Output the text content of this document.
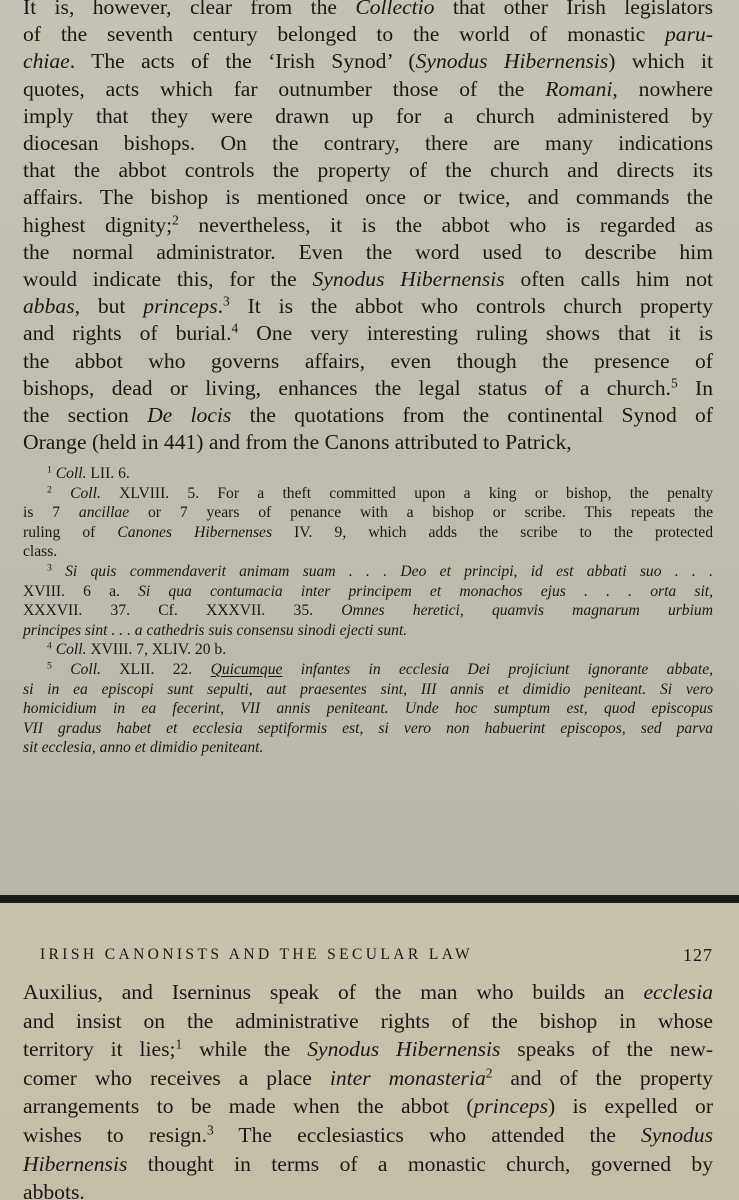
It is, however, clear from the Collectio that other Irish legislators
of the seventh century belonged to the world of monastic paru-
chiae. The acts of the ‘Irish Synod’ (Synodus Hibernensis) which it
quotes, acts which far outnumber those of the Romani, nowhere
imply that they were drawn up for a church administered by
diocesan bishops. On the contrary, there are many indications
that the abbot controls the property of the church and directs its
affairs. The bishop is mentioned once or twice, and commands the
highest dignity;$^2$ nevertheless, it is the abbot who is regarded as
the normal administrator. Even the word used to describe him
would indicate this, for the Synodus Hibernensis often calls him not
abbas, but princeps.$^3$ It is the abbot who controls church property
and rights of burial.$^4$ One very interesting ruling shows that it is
the abbot who governs affairs, even though the presence of
bishops, dead or living, enhances the legal status of a church.$^5$ In
the section De locis the quotations from the continental Synod of
Orange (held in 441) and from the Canons attributed to Patrick,
$^1$ Coll. LII. 6.
$^2$ Coll. XLVIII. 5. For a theft committed upon a king or bishop, the penalty
is 7 ancillae or 7 years of penance with a bishop or scribe. This repeats the
ruling of Canones Hibernenses IV. 9, which adds the scribe to the protected
class.
$^3$ Si quis commendaverit animam suam . . . Deo et principi, id est abbati suo . . .
XVIII. 6 a. Si qua contumacia inter principem et monachos ejus . . . orta sit,
XXXVII. 37. Cf. XXXVII. 35. Omnes heretici, quamvis magnarum urbium
principes sint . . . a cathedris suis consensu sinodi ejecti sunt.
$^4$ Coll. XVIII. 7, XLIV. 20 b.
$^5$ Coll. XLII. 22. Quicumque infantes in ecclesia Dei projiciunt ignorante abbate,
si in ea episcopi sunt sepulti, aut praesentes sint, III annis et dimidio peniteant. Si vero
homicidium in ea fecerint, VII annis peniteant. Unde hoc sumptum est, quod episcopus
VII gradus habet et ecclesia septiformis est, si vero non habuerint episcopos, sed parva
sit ecclesia, anno et dimidio peniteant.
IRISH CANONISTS AND THE SECULAR LAW	127
Auxilius, and Iserninus speak of the man who builds an ecclesia
and insist on the administrative rights of the bishop in whose
territory it lies;$^1$ while the Synodus Hibernensis speaks of the new-
comer who receives a place inter monasteria$^2$ and of the property
arrangements to be made when the abbot (princeps) is expelled or
wishes to resign.$^3$ The ecclesiastics who attended the Synodus
Hibernensis thought in terms of a monastic church, governed by
abbots.
